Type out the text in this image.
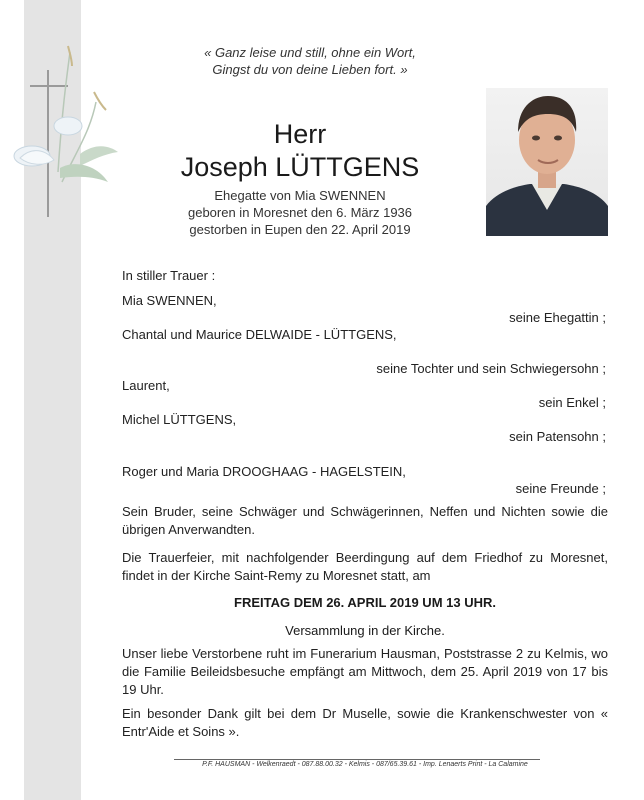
« Ganz leise und still, ohne ein Wort,
Gingst du von deine Lieben fort. »
Herr
Joseph LÜTTGENS
Ehegatte von Mia SWENNEN
geboren in Moresnet den 6. März 1936
gestorben in Eupen den 22. April 2019
In stiller Trauer :
Mia SWENNEN,
seine Ehegattin ;
Chantal und Maurice DELWAIDE - LÜTTGENS,
seine Tochter und sein Schwiegersohn ;
Laurent,
sein Enkel ;
Michel LÜTTGENS,
sein Patensohn ;
Roger und Maria DROOGHAAG - HAGELSTEIN,
seine Freunde ;
Sein Bruder, seine Schwäger und Schwägerinnen, Neffen und Nichten sowie die übrigen Anverwandten.
Die Trauerfeier, mit nachfolgender Beerdingung auf dem Friedhof zu Moresnet, findet in der Kirche Saint-Remy zu Moresnet statt, am
FREITAG DEM 26. APRIL 2019 UM 13 UHR.
Versammlung in der Kirche.
Unser liebe Verstorbene ruht im Funerarium Hausman, Poststrasse 2 zu Kelmis, wo die Familie Beileidsbesuche empfängt am Mittwoch, dem 25. April 2019 von 17 bis 19 Uhr.
Ein besonder Dank gilt bei dem Dr Muselle, sowie die Krankenschwester von « Entr'Aide et Soins ».
P.F. HAUSMAN - Welkenraedt - 087.88.00.32 - Kelmis - 087/65.39.61 - Imp. Lenaerts Print - La Calamine
